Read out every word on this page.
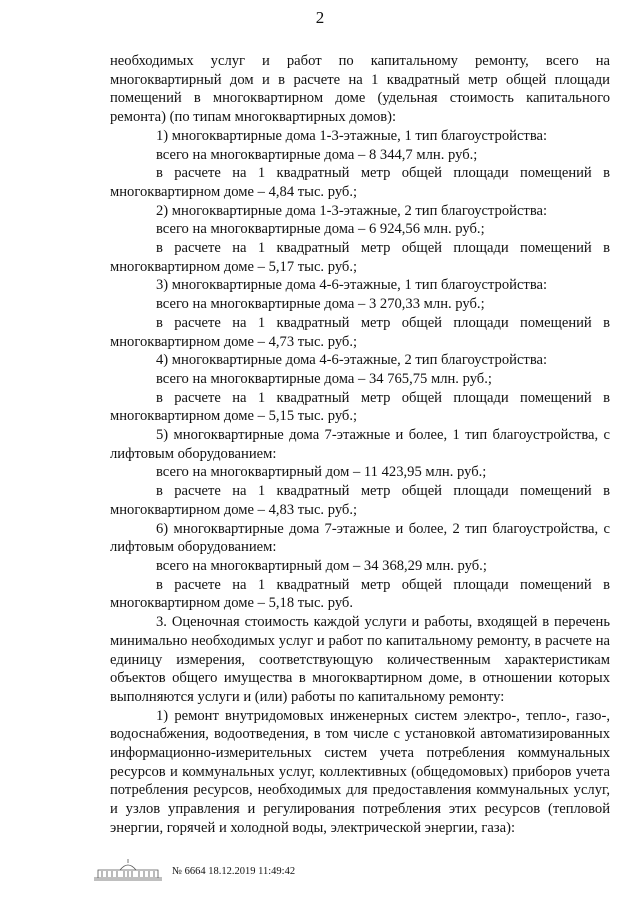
2

необходимых услуг и работ по капитальному ремонту, всего на многоквартирный дом и в расчете на 1 квадратный метр общей площади помещений в многоквартирном доме (удельная стоимость капитального ремонта) (по типам многоквартирных домов):

1) многоквартирные дома 1-3-этажные, 1 тип благоустройства:

всего на многоквартирные дома – 8 344,7 млн. руб.;

в расчете на 1 квадратный метр общей площади помещений в многоквартирном доме – 4,84 тыс. руб.;

2) многоквартирные дома 1-3-этажные, 2 тип благоустройства:

всего на многоквартирные дома – 6 924,56 млн. руб.;

в расчете на 1 квадратный метр общей площади помещений в многоквартирном доме – 5,17 тыс. руб.;

3) многоквартирные дома 4-6-этажные, 1 тип благоустройства:

всего на многоквартирные дома – 3 270,33 млн. руб.;

в расчете на 1 квадратный метр общей площади помещений в многоквартирном доме – 4,73 тыс. руб.;

4) многоквартирные дома 4-6-этажные, 2 тип благоустройства:

всего на многоквартирные дома – 34 765,75 млн. руб.;

в расчете на 1 квадратный метр общей площади помещений в многоквартирном доме – 5,15 тыс. руб.;

5) многоквартирные дома 7-этажные и более, 1 тип благоустройства, с лифтовым оборудованием:

всего на многоквартирный дом – 11 423,95 млн. руб.;

в расчете на 1 квадратный метр общей площади помещений в многоквартирном доме – 4,83 тыс. руб.;

6) многоквартирные дома 7-этажные и более, 2 тип благоустройства, с лифтовым оборудованием:

всего на многоквартирный дом – 34 368,29 млн. руб.;

в расчете на 1 квадратный метр общей площади помещений в многоквартирном доме – 5,18 тыс. руб.

3. Оценочная стоимость каждой услуги и работы, входящей в перечень минимально необходимых услуг и работ по капитальному ремонту, в расчете на единицу измерения, соответствующую количественным характеристикам объектов общего имущества в многоквартирном доме, в отношении которых выполняются услуги и (или) работы по капитальному ремонту:

1) ремонт внутридомовых инженерных систем электро-, тепло-, газо-, водоснабжения, водоотведения, в том числе с установкой автоматизированных информационно-измерительных систем учета потребления коммунальных ресурсов и коммунальных услуг, коллективных (общедомовых) приборов учета потребления ресурсов, необходимых для предоставления коммунальных услуг, и узлов управления и регулирования потребления этих ресурсов (тепловой энергии, горячей и холодной воды, электрической энергии, газа):

№ 6664 18.12.2019 11:49:42
